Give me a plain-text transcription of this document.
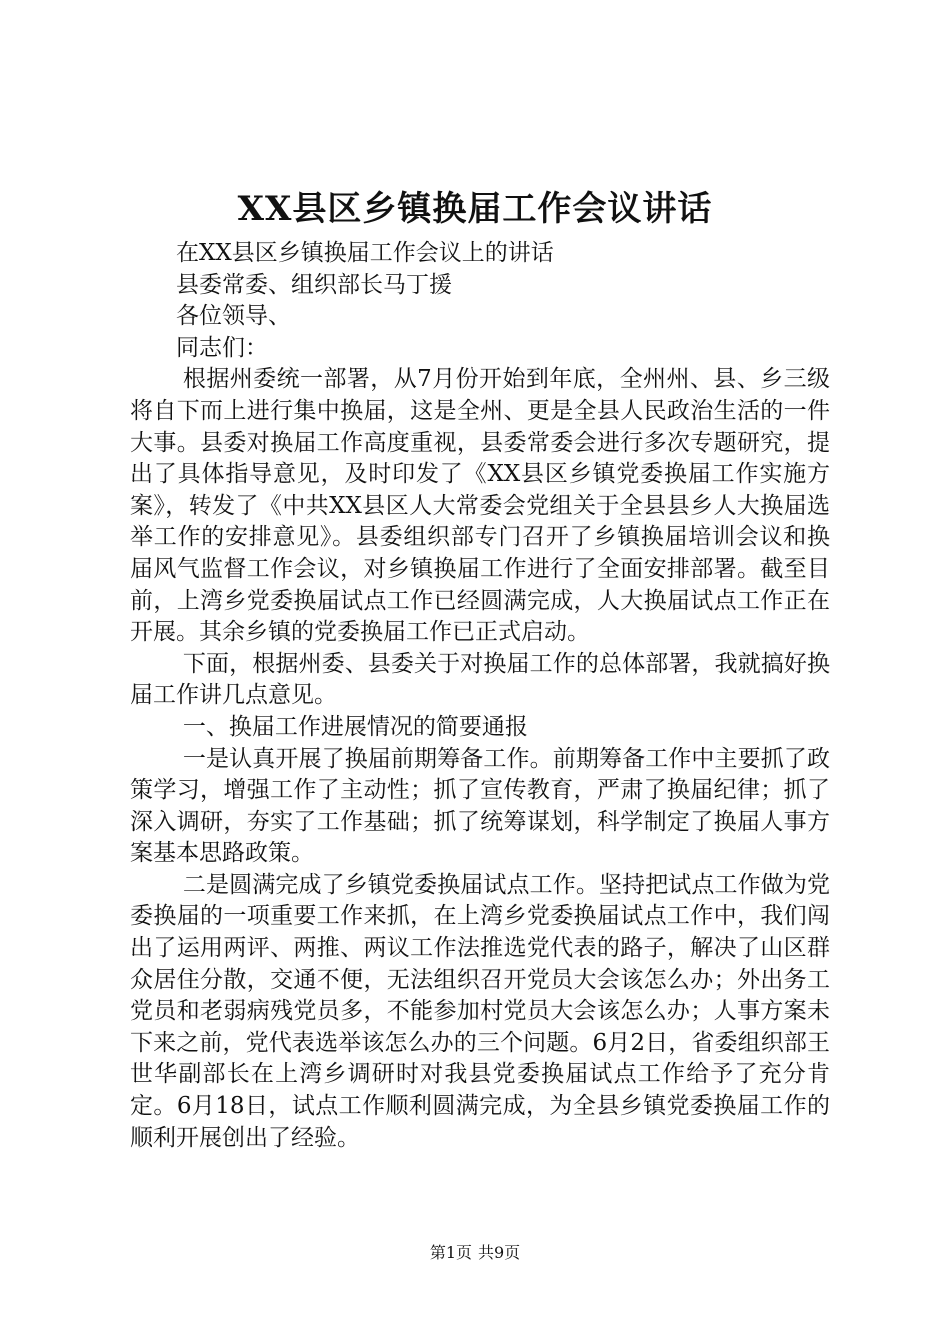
XX县区乡镇换届工作会议讲话

在XX县区乡镇换届工作会议上的讲话

县委常委、组织部长马丁援

各位领导、

同志们：

根据州委统一部署，从7月份开始到年底，全州州、县、乡三级将自下而上进行集中换届，这是全州、更是全县人民政治生活的一件大事。县委对换届工作高度重视，县委常委会进行多次专题研究，提出了具体指导意见，及时印发了《XX县区乡镇党委换届工作实施方案》，转发了《中共XX县区人大常委会党组关于全县县乡人大换届选举工作的安排意见》。县委组织部专门召开了乡镇换届培训会议和换届风气监督工作会议，对乡镇换届工作进行了全面安排部署。截至目前，上湾乡党委换届试点工作已经圆满完成，人大换届试点工作正在开展。其余乡镇的党委换届工作已正式启动。

下面，根据州委、县委关于对换届工作的总体部署，我就搞好换届工作讲几点意见。

一、换届工作进展情况的简要通报

一是认真开展了换届前期筹备工作。前期筹备工作中主要抓了政策学习，增强工作了主动性；抓了宣传教育，严肃了换届纪律；抓了深入调研，夯实了工作基础；抓了统筹谋划，科学制定了换届人事方案基本思路政策。

二是圆满完成了乡镇党委换届试点工作。坚持把试点工作做为党委换届的一项重要工作来抓，在上湾乡党委换届试点工作中，我们闯出了运用两评、两推、两议工作法推选党代表的路子，解决了山区群众居住分散，交通不便，无法组织召开党员大会该怎么办；外出务工党员和老弱病残党员多，不能参加村党员大会该怎么办；人事方案未下来之前，党代表选举该怎么办的三个问题。6月2日，省委组织部王世华副部长在上湾乡调研时对我县党委换届试点工作给予了充分肯定。6月18日，试点工作顺利圆满完成，为全县乡镇党委换届工作的顺利开展创出了经验。

第1页 共9页
